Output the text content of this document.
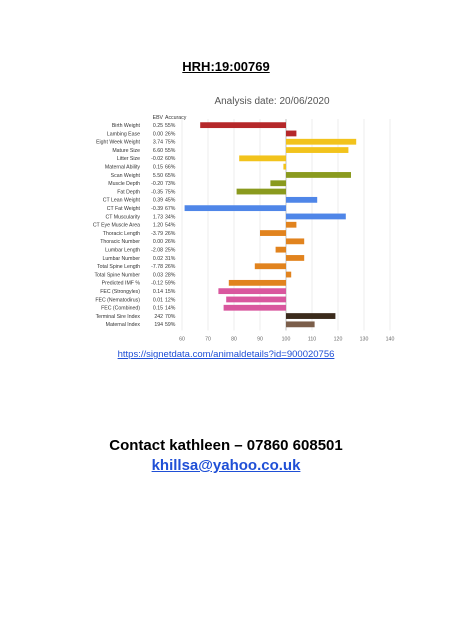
HRH:19:00769
Analysis date: 20/06/2020
EBV Accuracy
Birth Weight 0.25 55%
Lambing Ease 0.00 26%
Eight Week Weight 3.74 75%
Mature Size 6.60 55%
Litter Size -0.02 60%
Maternal Ability 0.15 66%
Scan Weight 5.50 65%
Muscle Depth -0.20 73%
Fat Depth -0.35 75%
CT Lean Weight 0.39 45%
CT Fat Weight -0.39 67%
CT Muscularity 1.73 34%
CT Eye Muscle Area 1.20 54%
Thoracic Length -3.79 26%
Thoracic Number 0.00 26%
Lumbar Length -2.08 25%
Lumbar Number 0.02 31%
Total Spine Length -7.78 26%
Total Spine Number 0.03 28%
Predicted IMF % -0.12 59%
FEC (Strongyles) 0.14 15%
FEC (Nematodirus) 0.01 12%
FEC (Combined) 0.15 14%
Terminal Sire Index	242 70%
Maternal Index	194 59%
60	70	80	90	100	110	120	130	140
https://signetdata.com/animaldetails?id=900020756
Contact kathleen – 07860 608501
khillsa@yahoo.co.uk
